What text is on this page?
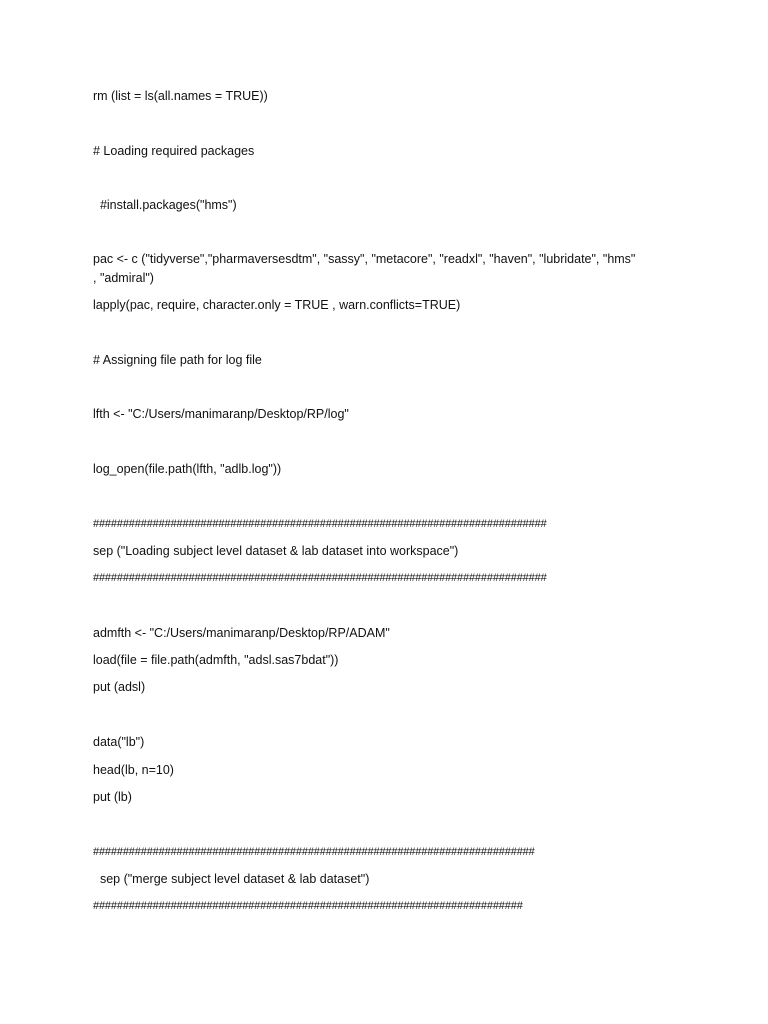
rm (list = ls(all.names = TRUE))

# Loading required packages

#install.packages("hms")

pac <- c ("tidyverse","pharmaversesdtm", "sassy", "metacore", "readxl", "haven", "lubridate", "hms"

, "admiral")

lapply(pac, require, character.only = TRUE , warn.conflicts=TRUE)

# Assigning file path for log file

lfth <- "C:/Users/manimaranp/Desktop/RP/log"

log_open(file.path(lfth, "adlb.log"))

############################################################################

sep ("Loading subject level dataset & lab dataset into workspace")

############################################################################

admfth <- "C:/Users/manimaranp/Desktop/RP/ADAM"

load(file = file.path(admfth, "adsl.sas7bdat"))

put (adsl)

data("lb")

head(lb, n=10)

put (lb)

##########################################################################

sep ("merge subject level dataset & lab dataset")

########################################################################
